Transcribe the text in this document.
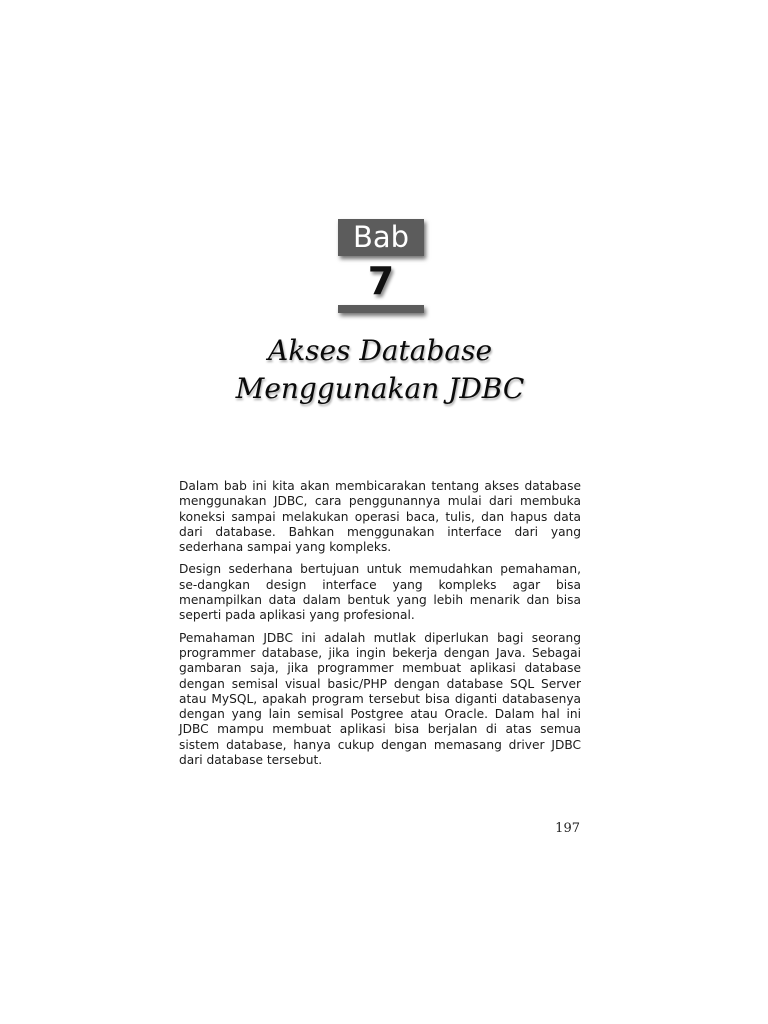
Bab
7
Akses Database
Menggunakan JDBC

Dalam bab ini kita akan membicarakan tentang akses database menggunakan JDBC, cara penggunannya mulai dari membuka koneksi sampai melakukan operasi baca, tulis, dan hapus data dari database. Bahkan menggunakan interface dari yang sederhana sampai yang kompleks.

Design sederhana bertujuan untuk memudahkan pemahaman, se-dangkan design interface yang kompleks agar bisa menampilkan data dalam bentuk yang lebih menarik dan bisa seperti pada aplikasi yang profesional.

Pemahaman JDBC ini adalah mutlak diperlukan bagi seorang programmer database, jika ingin bekerja dengan Java. Sebagai gambaran saja, jika programmer membuat aplikasi database dengan semisal visual basic/PHP dengan database SQL Server atau MySQL, apakah program tersebut bisa diganti databasenya dengan yang lain semisal Postgree atau Oracle. Dalam hal ini JDBC mampu membuat aplikasi bisa berjalan di atas semua sistem database, hanya cukup dengan memasang driver JDBC dari database tersebut.

197
